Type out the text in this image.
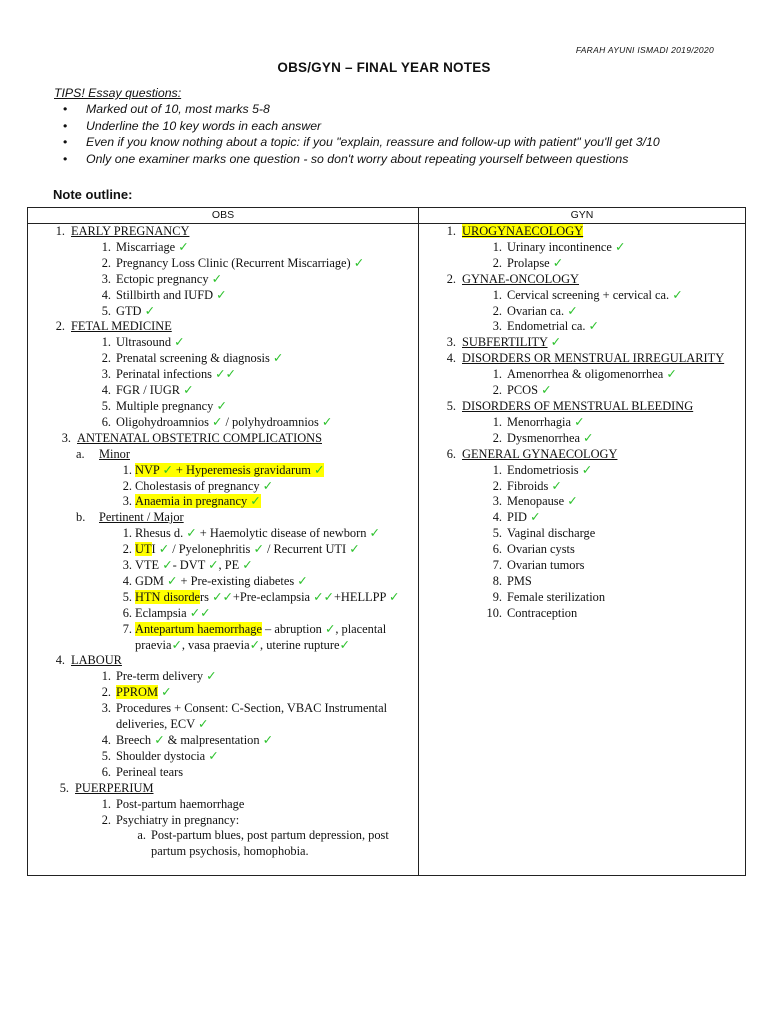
FARAH AYUNI ISMADI 2019/2020
OBS/GYN – FINAL YEAR NOTES
TIPS! Essay questions:
• Marked out of 10, most marks 5-8
• Underline the 10 key words in each answer
• Even if you know nothing about a topic: if you "explain, reassure and follow-up with patient" you'll get 3/10
• Only one examiner marks one question - so don't worry about repeating yourself between questions
Note outline:
OBS	GYN
1. EARLY PREGNANCY
1. Miscarriage ✓
2. Pregnancy Loss Clinic (Recurrent Miscarriage) ✓
3. Ectopic pregnancy ✓
4. Stillbirth and IUFD ✓
5. GTD ✓
2. FETAL MEDICINE
1. Ultrasound ✓
2. Prenatal screening & diagnosis ✓
3. Perinatal infections ✓✓
4. FGR / IUGR ✓
5. Multiple pregnancy ✓
6. Oligohydroamnios ✓ / polyhydroamnios ✓
3. ANTENATAL OBSTETRIC COMPLICATIONS
a. Minor
1. NVP ✓ + Hyperemesis gravidarum ✓
2. Cholestasis of pregnancy ✓
3. Anaemia in pregnancy ✓
b. Pertinent / Major
1. Rhesus d. ✓ + Haemolytic disease of newborn ✓
2. UTI ✓ / Pyelonephritis ✓ / Recurrent UTI ✓
3. VTE ✓- DVT ✓, PE ✓
4. GDM ✓ + Pre-existing diabetes ✓
5. HTN disorders ✓✓+Pre-eclampsia ✓✓+HELLPP ✓
6. Eclampsia ✓✓
7. Antepartum haemorrhage – abruption ✓, placental praevia✓, vasa praevia✓, uterine rupture✓
4. LABOUR
1. Pre-term delivery ✓
2. PPROM ✓
3. Procedures + Consent: C-Section, VBAC Instrumental deliveries, ECV ✓
4. Breech ✓ & malpresentation ✓
5. Shoulder dystocia ✓
6. Perineal tears
5. PUERPERIUM
1. Post-partum haemorrhage
2. Psychiatry in pregnancy:
a. Post-partum blues, post partum depression, post partum psychosis, homophobia.
1. UROGYNAECOLOGY
1. Urinary incontinence ✓
2. Prolapse ✓
2. GYNAE-ONCOLOGY
1. Cervical screening + cervical ca. ✓
2. Ovarian ca. ✓
3. Endometrial ca. ✓
3. SUBFERTILITY ✓
4. DISORDERS OR MENSTRUAL IRREGULARITY
1. Amenorrhea & oligomenorrhea ✓
2. PCOS ✓
5. DISORDERS OF MENSTRUAL BLEEDING
1. Menorrhagia ✓
2. Dysmenorrhea ✓
6. GENERAL GYNAECOLOGY
1. Endometriosis ✓
2. Fibroids ✓
3. Menopause ✓
4. PID ✓
5. Vaginal discharge
6. Ovarian cysts
7. Ovarian tumors
8. PMS
9. Female sterilization
10. Contraception
